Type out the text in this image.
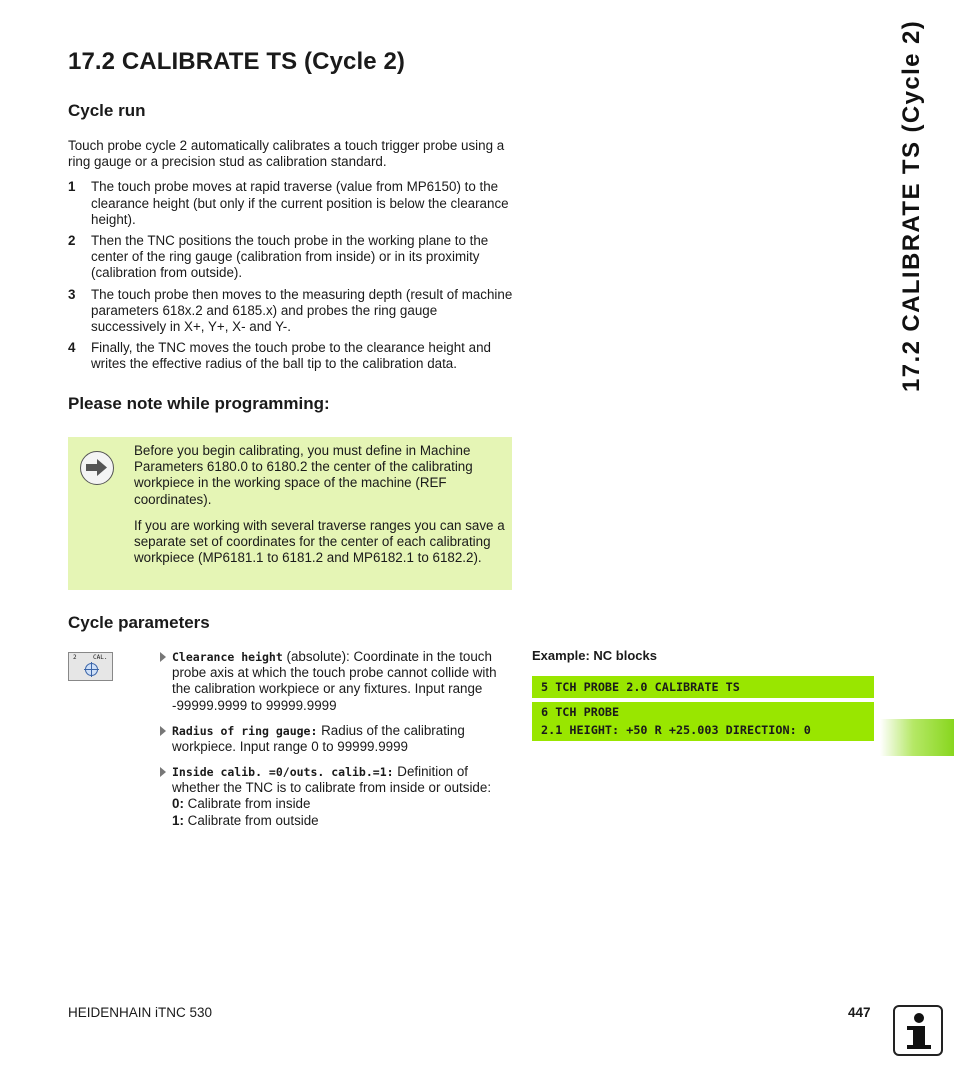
17.2 CALIBRATE TS (Cycle 2)
Cycle run

Touch probe cycle 2 automatically calibrates a touch trigger probe using a ring gauge or a precision stud as calibration standard.

1 The touch probe moves at rapid traverse (value from MP6150) to the clearance height (but only if the current position is below the clearance height).
2 Then the TNC positions the touch probe in the working plane to the center of the ring gauge (calibration from inside) or in its proximity (calibration from outside).
3 The touch probe then moves to the measuring depth (result of machine parameters 618x.2 and 6185.x) and probes the ring gauge successively in X+, Y+, X- and Y-.
4 Finally, the TNC moves the touch probe to the clearance height and writes the effective radius of the ball tip to the calibration data.
Please note while programming:

Before you begin calibrating, you must define in Machine Parameters 6180.0 to 6180.2 the center of the calibrating workpiece in the working space of the machine (REF coordinates).

If you are working with several traverse ranges you can save a separate set of coordinates for the center of each calibrating workpiece (MP6181.1 to 6181.2 and MP6182.1 to 6182.2).

Cycle parameters
2	CAL.	Clearance height (absolute): Coordinate in the touch probe axis at which the touch probe cannot collide with the calibration workpiece or any fixtures. Input range -99999.9999 to 99999.9999
Radius of ring gauge: Radius of the calibrating workpiece. Input range 0 to 99999.9999
Inside calib. =0/outs. calib.=1: Definition of whether the TNC is to calibrate from inside or outside:
0: Calibrate from inside
1: Calibrate from outside
Example: NC blocks
5 TCH PROBE 2.0 CALIBRATE TS
6 TCH PROBE
2.1 HEIGHT: +50 R +25.003 DIRECTION: 0
17.2 CALIBRATE TS (Cycle 2)
HEIDENHAIN iTNC 530	447
